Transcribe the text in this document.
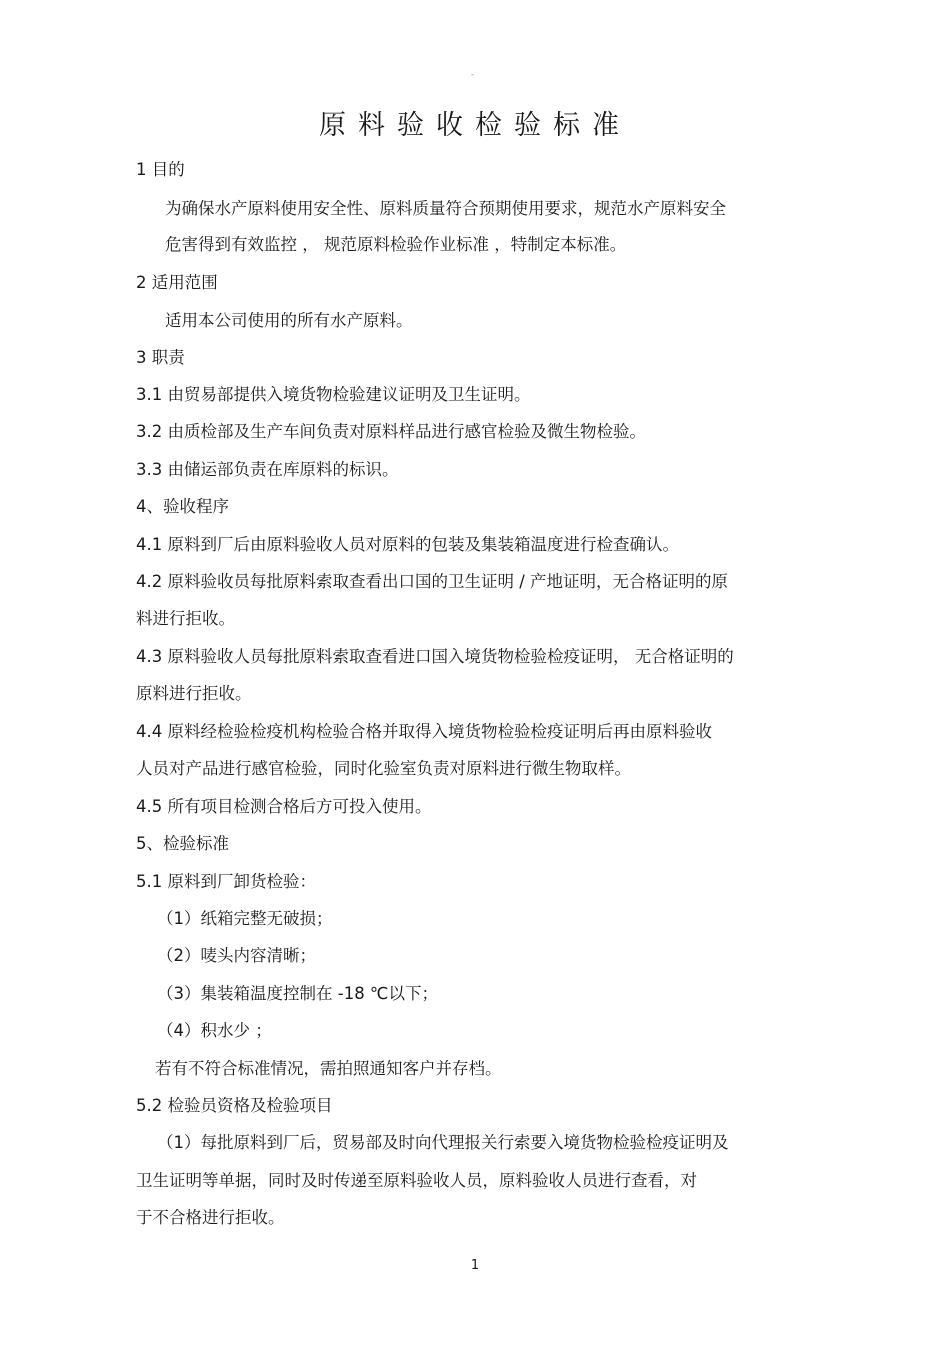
-
原料验收检验标准
1 目的
为确保水产原料使用安全性、原料质量符合预期使用要求，规范水产原料安全
危害得到有效监控 ， 规范原料检验作业标准 ，特制定本标准。
2 适用范围
适用本公司使用的所有水产原料。
3 职责
3.1 由贸易部提供入境货物检验建议证明及卫生证明。
3.2 由质检部及生产车间负责对原料样品进行感官检验及微生物检验。
3.3 由储运部负责在库原料的标识。
4、验收程序
4.1 原料到厂后由原料验收人员对原料的包装及集装箱温度进行检查确认。
4.2 原料验收员每批原料索取查看出口国的卫生证明 / 产地证明，无合格证明的原
料进行拒收。
4.3 原料验收人员每批原料索取查看进口国入境货物检验检疫证明， 无合格证明的
原料进行拒收。
4.4 原料经检验检疫机构检验合格并取得入境货物检验检疫证明后再由原料验收
人员对产品进行感官检验，同时化验室负责对原料进行微生物取样。
4.5 所有项目检测合格后方可投入使用。
5、检验标准
5.1 原料到厂卸货检验：
（1）纸箱完整无破损；
（2）唛头内容清晰；
（3）集装箱温度控制在 -18 ℃以下；
（4）积水少 ；
若有不符合标准情况，需拍照通知客户并存档。
5.2 检验员资格及检验项目
（1）每批原料到厂后，贸易部及时向代理报关行索要入境货物检验检疫证明及
卫生证明等单据，同时及时传递至原料验收人员，原料验收人员进行查看，对
于不合格进行拒收。
1
